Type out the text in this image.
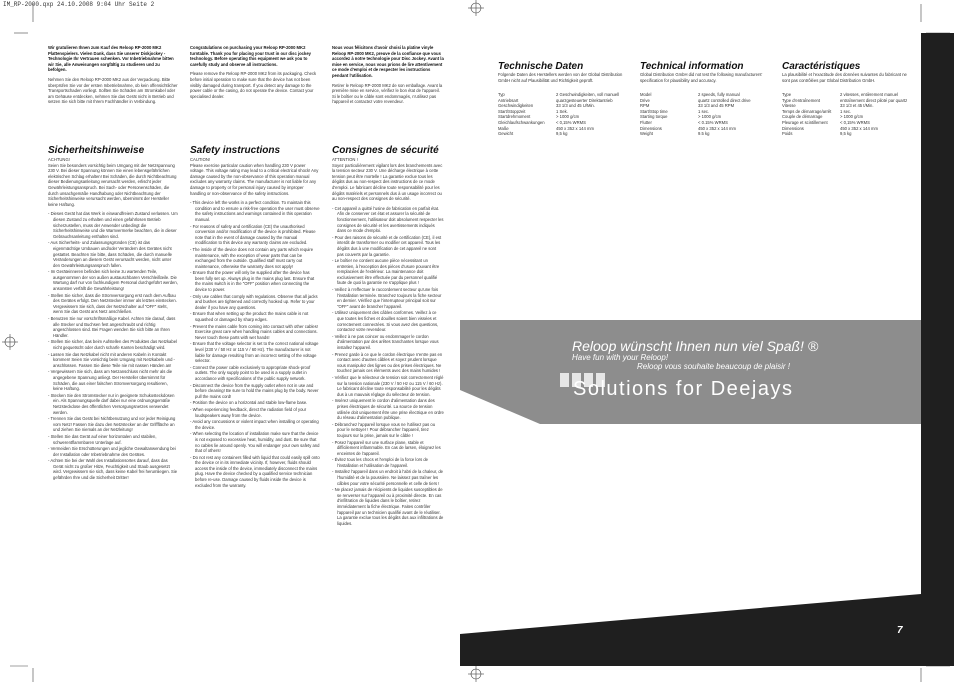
IM_RP-2000.qxp 24.10.2008 9:04 Uhr Seite 2

Wir gratulieren Ihnen zum Kauf des Reloop RP-2000 MK2 Plattenspielers. Vielen Dank, dass Sie unserer Diskjockey - Technologie Ihr Vertrauen schenken. Vor Inbetriebnahme bitten wir Sie, alle Anweisungen sorgfältig zu studieren und zu befolgen.

Nehmen Sie den Reloop RP-2000 MK2 aus der Verpackung. Bitte überprüfen Sie vor der ersten Inbetriebnahme, ob kein offensichtlicher Transportschaden vorliegt. Sollten Sie Schäden am Stromkabel oder am Gehäuse entdecken, nehmen Sie das Gerät nicht in Betrieb und setzen Sie sich bitte mit Ihrem Fachhändler in Verbindung.

Congratulations on purchasing your Reloop RP-2000 MK2 turntable. Thank you for placing your trust in our disc jockey technology. Before operating this equipment we ask you to carefully study and observe all instructions.

Please remove the Reloop RP-2000 MK2 from its packaging. Check before initial operation to make sure that the device has not been visibly damaged during transport. If you detect any damage to the power cable or the casing, do not operate the device. Contact your specialised dealer.

Nous vous félicitons d'avoir choisi la platine vinyle Reloop RP-2000 MK2, preuve de la confiance que vous accordez à notre technologie pour Disc Jockey. Avant la mise en service, nous vous prions de lire attentivement ce mode d'emploi et de respecter les instructions pendant l'utilisation.

Retirer le Reloop RP-2000 MK2 de son emballage. Avant la première mise en service, vérifiez le bon état de l'appareil. Si le boîtier ou le câble sont endommagés, n'utilisez pas l'appareil et contactez votre revendeur.

Sicherheitshinweise

ACHTUNG!

Seien Sie besonders vorsichtig beim Umgang mit der Netzspannung 230 V. Bei dieser Spannung können Sie einen lebensgefährlichen elektrischen Schlag erhalten! Bei Schäden, die durch Nichtbeachtung dieser Bedienungsanleitung verursacht werden, erlischt jeder Gewährleistungsanspruch. Bei Sach- oder Personenschäden, die durch unsachgemäße Handhabung oder Nichtbeachtung der Sicherheitshinweise verursacht werden, übernimmt der Hersteller keine Haftung.

- Dieses Gerät hat das Werk in einwandfreiem Zustand verlassen. Um diesen Zustand zu erhalten und einen gefahrlosen Betrieb sicherzustellen, muss der Anwender unbedingt die Sicherheitshinweise und die Warnvermerke beachten, die in dieser Gebrauchsanleitung enthalten sind.
- Aus Sicherheits- und Zulassungsgründen (CE) ist das eigenmächtige Umbauen und/oder Verändern des Gerätes nicht gestattet. Beachten Sie bitte, dass Schäden, die durch manuelle Veränderungen an diesem Gerät verursacht werden, nicht unter den Gewährleistungsanspruch fallen.
- Im Geräteinneren befinden sich keine zu wartenden Teile, ausgenommen der von außen austauschbaren Verschleißteile. Die Wartung darf nur von fachkundigem Personal durchgeführt werden, ansonsten verfällt die Gewährleistung!
- Stellen Sie sicher, dass die Stromversorgung erst nach dem Aufbau des Gerätes erfolgt. Den Netzstecker immer als letztes einstecken. Vergewissern Sie sich, dass der Netzschalter auf "OFF" steht, wenn Sie das Gerät ans Netz anschließen.
- Benutzen Sie nur vorschriftsmäßige Kabel. Achten Sie darauf, dass alle Stecker und Buchsen fest angeschraubt und richtig angeschlossen sind. Bei Fragen wenden Sie sich bitte an Ihren Händler.
- Stellen Sie sicher, das beim Aufstellen des Produktes das Netzkabel nicht gequetscht oder durch scharfe Kanten beschädigt wird.
- Lassen Sie das Netzkabel nicht mit anderen Kabeln in Kontakt kommen! Seien Sie vorsichtig beim Umgang mit Netzkabeln und -anschlüssen. Fassen Sie diese Teile nie mit nassen Händen an!
- Vergewissern Sie sich, dass am Netzanschluss nicht mehr als die angegebene Spannung anliegt. Der Hersteller übernimmt für Schäden, die aus einer falschen Stromversorgung resultieren, keine Haftung.
- Stecken Sie den Stromstecker nur in geeignete Schukosteckdosen ein. Als Spannungsquelle darf dabei nur eine ordnungsgemäße Netzsteckdose des öffentlichen Versorgungsnetzes verwendet werden.
- Trennen Sie das Gerät bei Nichtbenutzung und vor jeder Reinigung vom Netz! Fassen Sie dazu den Netzstecker an der Grifffläche an und ziehen Sie niemals an der Netzleitung!
- Stellen Sie das Gerät auf einer horizontalen und stabilen, schwerentflammbaren Unterlage auf.
- Vermeiden Sie Erschütterungen und jegliche Gewaltanwendung bei der Installation oder Inbetriebnahme des Gerätes.
- Achten Sie bei der Wahl des Installationsortes darauf, dass das Gerät nicht zu großer Hitze, Feuchtigkeit und Staub ausgesetzt wird. Vergewissern sie sich, dass keine Kabel frei herumliegen. Sie gefährden Ihre und die Sicherheit Dritter!
Safety instructions

CAUTION!

Please exercise particular caution when handling 230 V power voltage. This voltage rating may lead to a critical electrical shock! Any damage caused by the non-observance of this operation manual excludes any warranty claims. The manufacturer is not liable for any damage to property or for personal injury caused by improper handling or non-observance of the safety instructions.

- This device left the works in a perfect condition. To maintain this condition and to ensure a risk-free operation the user must observe the safety instructions and warnings contained in this operation manual.
- For reasons of safety and certification (CE) the unauthorised conversion and/or modification of the device is prohibited. Please note that in the event of damage caused by the manual modification to this device any warranty claims are excluded.
- The inside of the device does not contain any parts which require maintenance, with the exception of wear parts that can be exchanged from the outside. Qualified staff must carry out maintenance, otherwise the warranty does not apply!
- Ensure that the power will only be supplied after the device has been fully set up. Always plug in the mains plug last. Ensure that the mains switch is in the "OFF" position when connecting the device to power.
- Only use cables that comply with regulations. Observe that all jacks and bushes are tightened and correctly hooked up. Refer to your dealer if you have any questions.
- Ensure that when setting up the product the mains cable is not squashed or damaged by sharp edges.
- Prevent the mains cable from coming into contact with other cables! Exercise great care when handling mains cables and connections. Never touch these parts with wet hands!
- Ensure that the voltage selector is set to the correct national voltage level (230 V / 50 Hz or 115 V / 60 Hz). The manufacturer is not liable for damage resulting from an incorrect setting of the voltage selector.
- Connect the power cable exclusively to appropriate shock-proof outlets. The only supply point to be used is a supply outlet in accordance with specifications of the public supply network.
- Disconnect the device from the supply outlet when not in use and before cleaning! Be sure to hold the mains plug by the body. Never pull the mains cord!
- Position the device on a horizontal and stable low-flame base.
- When experiencing feedback, direct the radiation field of your loudspeakers away from the device.
- Avoid any concussions or violent impact when installing or operating the device.
- When selecting the location of installation make sure that the device is not exposed to excessive heat, humidity, and dust. Be sure that no cables lie around openly. You will endanger your own safety and that of others!
- Do not rest any containers filled with liquid that could easily spill onto the device or in its immediate vicinity. If, however, fluids should access the inside of the device, immediately disconnect the mains plug. Have the device checked by a qualified service technician before re-use. Damage caused by fluids inside the device is excluded from the warranty.
Consignes de sécurité

ATTENTION !

Soyez particulièrement vigilant lors des branchements avec la tension secteur 230 V. Une décharge électrique à cette tension peut être mortelle ! La garantie exclue tous les dégâts dus au non-respect des instructions de ce mode d'emploi. Le fabricant décline toute responsabilité pour les dégâts matériels et personnels dus à un usage incorrect ou au non-respect des consignes de sécurité.

- Cet appareil a quitté l'usine de fabrication en parfait état. Afin de conserver cet état et assurer la sécurité de fonctionnement, l'utilisateur doit absolument respecter les consignes de sécurité et les avertissements indiqués dans ce mode d'emploi.
- Pour des raisons de sécurité et de certification (CE), il est interdit de transformer ou modifier cet appareil. Tous les dégâts dus à une modification de cet appareil ne sont pas couverts par la garantie.
- Le boîtier ne contient aucune pièce nécessitant un entretien, à l'exception des pièces d'usure pouvant être remplacées de l'extérieur. La maintenance doit exclusivement être effectuée par du personnel qualifié faute de quoi la garantie ne s'applique plus !
- Veillez à n'effectuer le raccordement secteur qu'une fois l'installation terminée. Branchez toujours la fiche secteur en dernier. Vérifiez que l'interrupteur principal soit sur "OFF" avant de brancher l'appareil.
- Utilisez uniquement des câbles conformes. Veillez à ce que toutes les fiches et douilles soient bien vissées et correctement connectées. Si vous avez des questions, contactez votre revendeur.
- Veillez à ne pas coincer ou endommager le cordon d'alimentation par des arêtes tranchantes lorsque vous installez l'appareil.
- Prenez garde à ce que le cordon électrique n'entre pas en contact avec d'autres câbles et soyez prudent lorsque vous manipulez des lignes ou des prises électriques. Ne touchez jamais ces éléments avec des mains humides !
- Vérifiez que le sélecteur de tension soit correctement réglé sur la tension nationale (230 V / 50 Hz ou 115 V / 60 Hz). Le fabricant décline toute responsabilité pour les dégâts dus à un mauvais réglage du sélecteur de tension.
- Insérez uniquement le cordon d'alimentation dans des prises électriques de sécurité. La source de tension utilisée doit uniquement être une prise électrique en ordre du réseau d'alimentation publique.
- Débranchez l'appareil lorsque vous ne l'utilisez pas ou pour le nettoyer ! Pour débrancher l'appareil, tirez toujours sur la prise, jamais sur le câble !
- Posez l'appareil sur une surface plane, stable et difficilement inflammable. En cas de larsen, éloignez les enceintes de l'appareil.
- Évitez tous les chocs et l'emploi de la force lors de l'installation et l'utilisation de l'appareil.
- Installez l'appareil dans un endroit à l'abri de la chaleur, de l'humidité et de la poussière. Ne laissez pas traîner les câbles pour votre sécurité personnelle et celle de tiers !
- Ne placez jamais de récipients de liquides susceptibles de se renverser sur l'appareil ou à proximité directe. En cas d'infiltration de liquides dans le boîtier, retirez immédiatement la fiche électrique. Faites contrôler l'appareil par un technicien qualifié avant de le réutiliser. La garantie exclue tous les dégâts dus aux infiltrations de liquides.
Technische Daten
Folgende Daten des Herstellers werden von der Global Distribution GmbH nicht auf Plausibilität und Richtigkeit geprüft.
Typ	2 Geschwindigkeiten, voll manuell
Antriebsart	quarzgesteuerter Direktantrieb
Geschwindigkeiten	33 1/3 und 45 U/Min.
Start/Stoppzeit	1 Sek.
Startdrehmoment	> 1000 g/cm
Gleichlaufschwankungen	< 0,15% WRMS
Maße	450 x 352 x 144 mm
Gewicht	9,5 kg
Technical information
Global Distribution GmbH did not test the following manufacturers' specification for plausibility and accuracy.
Model	2 speeds, fully manual
Drive	quartz controlled direct drive
RPM	33 1/3 and 45 RPM
Start/Stop time	1 sec.
Starting torque	> 1000 g/cm
Flutter	< 0.15% WRMS
Dimensions	450 x 352 x 144 mm
Weight	9.5 kg
Caractéristiques
La plausibilité et l'exactitude des données suivantes du fabricant ne sont pas contrôlées par Global Distribution GmbH.
Type	2 vitesses, entièrement manuel
Type d'entraînement	entraînement direct piloté par quartz
Vitesse	33 1/3 et 45 t/Min.
Temps de démarrage/arrêt	1 sec.
Couple de démarrage	> 1000 g/cm
Pleurage et scintillement	< 0,15% WRMS
Dimensions	450 x 352 x 144 mm
Poids	9,5 kg
Reloop wünscht Ihnen nun viel Spaß! ®
Have fun with your Reloop!
Reloop vous souhaite beaucoup de plaisir !
Solutions for Deejays
2	7
